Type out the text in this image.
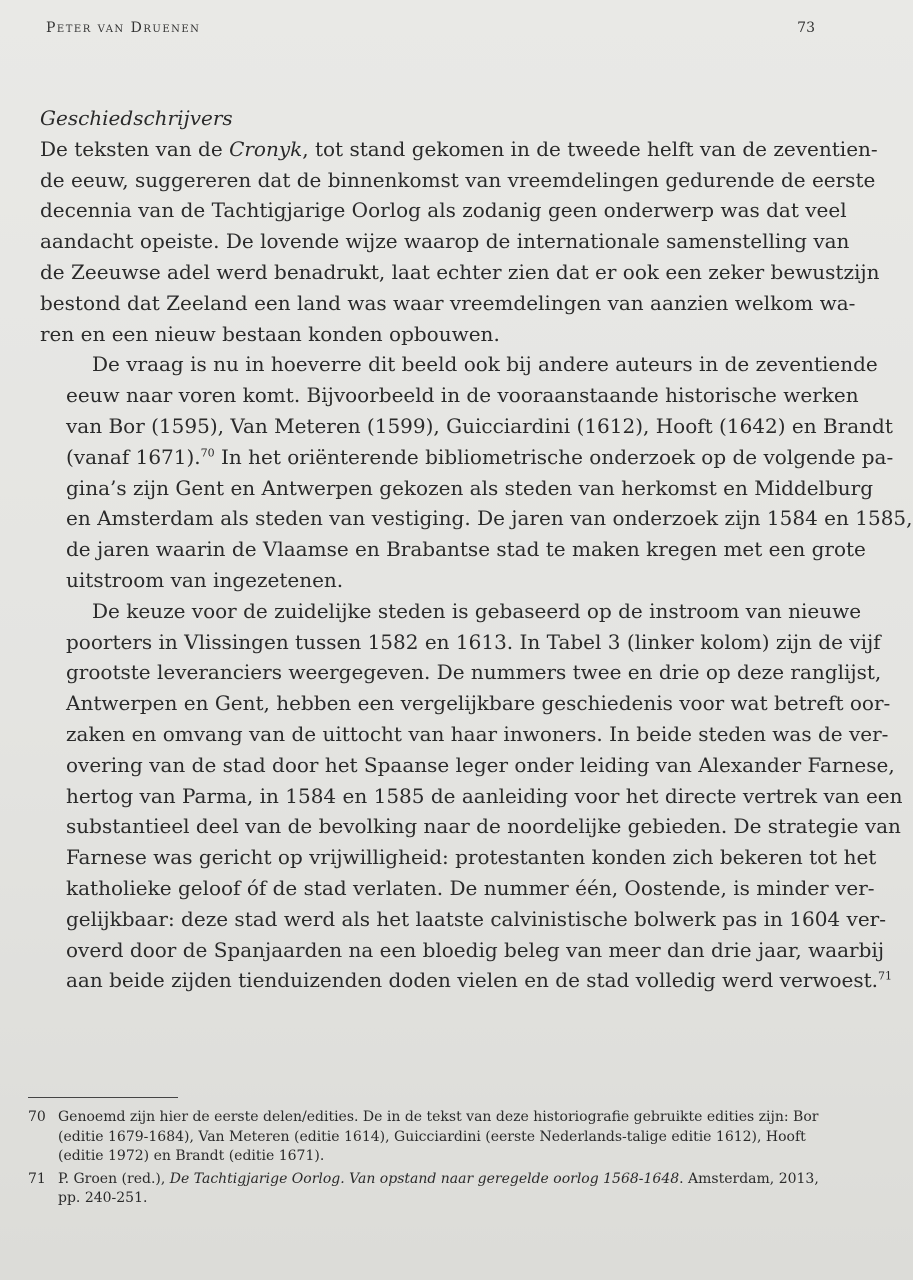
Peter van Druenen	73

Geschiedschrijvers

De teksten van de Cronyk, tot stand gekomen in de tweede helft van de zeventien-
de eeuw, suggereren dat de binnenkomst van vreemdelingen gedurende de eerste
decennia van de Tachtigjarige Oorlog als zodanig geen onderwerp was dat veel
aandacht opeiste. De lovende wijze waarop de internationale samenstelling van
de Zeeuwse adel werd benadrukt, laat echter zien dat er ook een zeker bewustzijn
bestond dat Zeeland een land was waar vreemdelingen van aanzien welkom wa-
ren en een nieuw bestaan konden opbouwen.

De vraag is nu in hoeverre dit beeld ook bij andere auteurs in de zeventiende
eeuw naar voren komt. Bijvoorbeeld in de vooraanstaande historische werken
van Bor (1595), Van Meteren (1599), Guicciardini (1612), Hooft (1642) en Brandt
(vanaf 1671).$^{70}$ In het oriënterende bibliometrische onderzoek op de volgende pa-
gina’s zijn Gent en Antwerpen gekozen als steden van herkomst en Middelburg
en Amsterdam als steden van vestiging. De jaren van onderzoek zijn 1584 en 1585,
de jaren waarin de Vlaamse en Brabantse stad te maken kregen met een grote
uitstroom van ingezetenen.

De keuze voor de zuidelijke steden is gebaseerd op de instroom van nieuwe
poorters in Vlissingen tussen 1582 en 1613. In Tabel 3 (linker kolom) zijn de vijf
grootste leveranciers weergegeven. De nummers twee en drie op deze ranglijst,
Antwerpen en Gent, hebben een vergelijkbare geschiedenis voor wat betreft oor-
zaken en omvang van de uittocht van haar inwoners. In beide steden was de ver-
overing van de stad door het Spaanse leger onder leiding van Alexander Farnese,
hertog van Parma, in 1584 en 1585 de aanleiding voor het directe vertrek van een
substantieel deel van de bevolking naar de noordelijke gebieden. De strategie van
Farnese was gericht op vrijwilligheid: protestanten konden zich bekeren tot het
katholieke geloof óf de stad verlaten. De nummer één, Oostende, is minder ver-
gelijkbaar: deze stad werd als het laatste calvinistische bolwerk pas in 1604 ver-
overd door de Spanjaarden na een bloedig beleg van meer dan drie jaar, waarbij
aan beide zijden tienduizenden doden vielen en de stad volledig werd verwoest.$^{71}$

70 Genoemd zijn hier de eerste delen/edities. De in de tekst van deze historiografie gebruikte edities zijn: Bor (editie 1679-1684), Van Meteren (editie 1614), Guicciardini (eerste Nederlands-talige editie 1612), Hooft (editie 1972) en Brandt (editie 1671).
71 P. Groen (red.), De Tachtigjarige Oorlog. Van opstand naar geregelde oorlog 1568-1648. Amsterdam, 2013, pp. 240-251.
